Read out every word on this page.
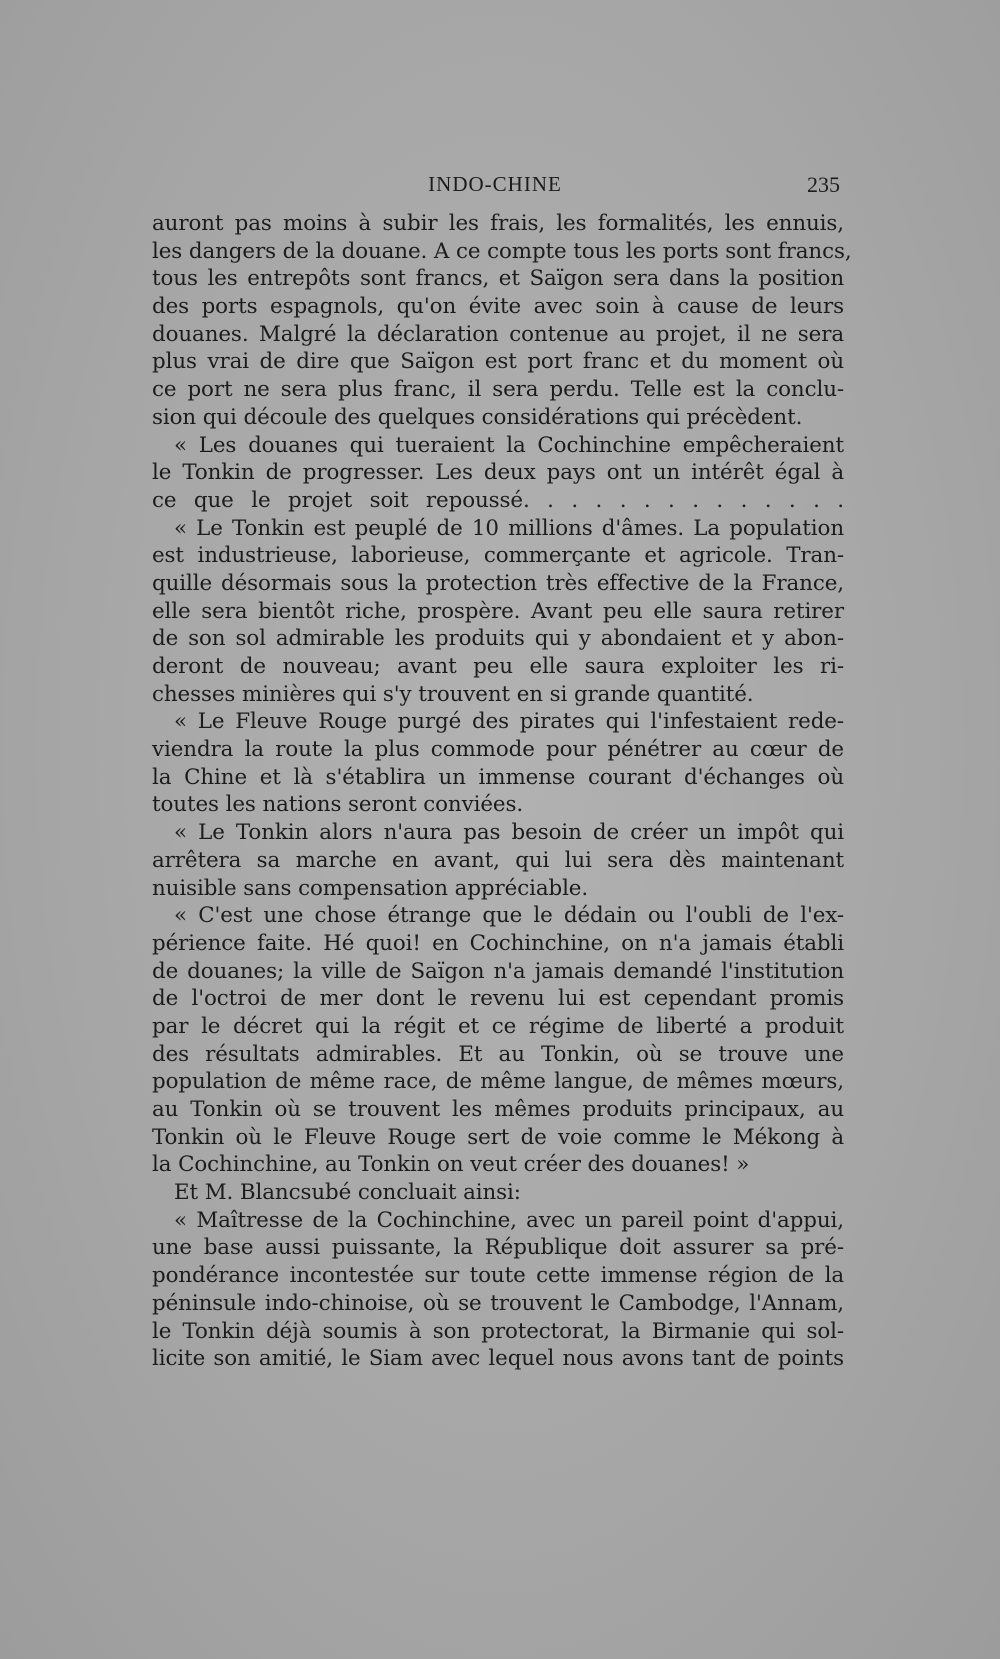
INDO-CHINE	235
auront pas moins à subir les frais, les formalités, les ennuis,
les dangers de la douane. A ce compte tous les ports sont francs,
tous les entrepôts sont francs, et Saïgon sera dans la position
des ports espagnols, qu'on évite avec soin à cause de leurs
douanes. Malgré la déclaration contenue au projet, il ne sera
plus vrai de dire que Saïgon est port franc et du moment où
ce port ne sera plus franc, il sera perdu. Telle est la conclu-
sion qui découle des quelques considérations qui précèdent.
« Les douanes qui tueraient la Cochinchine empêcheraient
le Tonkin de progresser. Les deux pays ont un intérêt égal à
ce que le projet soit repoussé. . . . . . . . . . . . . .
« Le Tonkin est peuplé de 10 millions d'âmes. La population
est industrieuse, laborieuse, commerçante et agricole. Tran-
quille désormais sous la protection très effective de la France,
elle sera bientôt riche, prospère. Avant peu elle saura retirer
de son sol admirable les produits qui y abondaient et y abon-
deront de nouveau; avant peu elle saura exploiter les ri-
chesses minières qui s'y trouvent en si grande quantité.
« Le Fleuve Rouge purgé des pirates qui l'infestaient rede-
viendra la route la plus commode pour pénétrer au cœur de
la Chine et là s'établira un immense courant d'échanges où
toutes les nations seront conviées.
« Le Tonkin alors n'aura pas besoin de créer un impôt qui
arrêtera sa marche en avant, qui lui sera dès maintenant
nuisible sans compensation appréciable.
« C'est une chose étrange que le dédain ou l'oubli de l'ex-
périence faite. Hé quoi! en Cochinchine, on n'a jamais établi
de douanes; la ville de Saïgon n'a jamais demandé l'institution
de l'octroi de mer dont le revenu lui est cependant promis
par le décret qui la régit et ce régime de liberté a produit
des résultats admirables. Et au Tonkin, où se trouve une
population de même race, de même langue, de mêmes mœurs,
au Tonkin où se trouvent les mêmes produits principaux, au
Tonkin où le Fleuve Rouge sert de voie comme le Mékong à
la Cochinchine, au Tonkin on veut créer des douanes! »
Et M. Blancsubé concluait ainsi:
« Maîtresse de la Cochinchine, avec un pareil point d'appui,
une base aussi puissante, la République doit assurer sa pré-
pondérance incontestée sur toute cette immense région de la
péninsule indo-chinoise, où se trouvent le Cambodge, l'Annam,
le Tonkin déjà soumis à son protectorat, la Birmanie qui sol-
licite son amitié, le Siam avec lequel nous avons tant de points
